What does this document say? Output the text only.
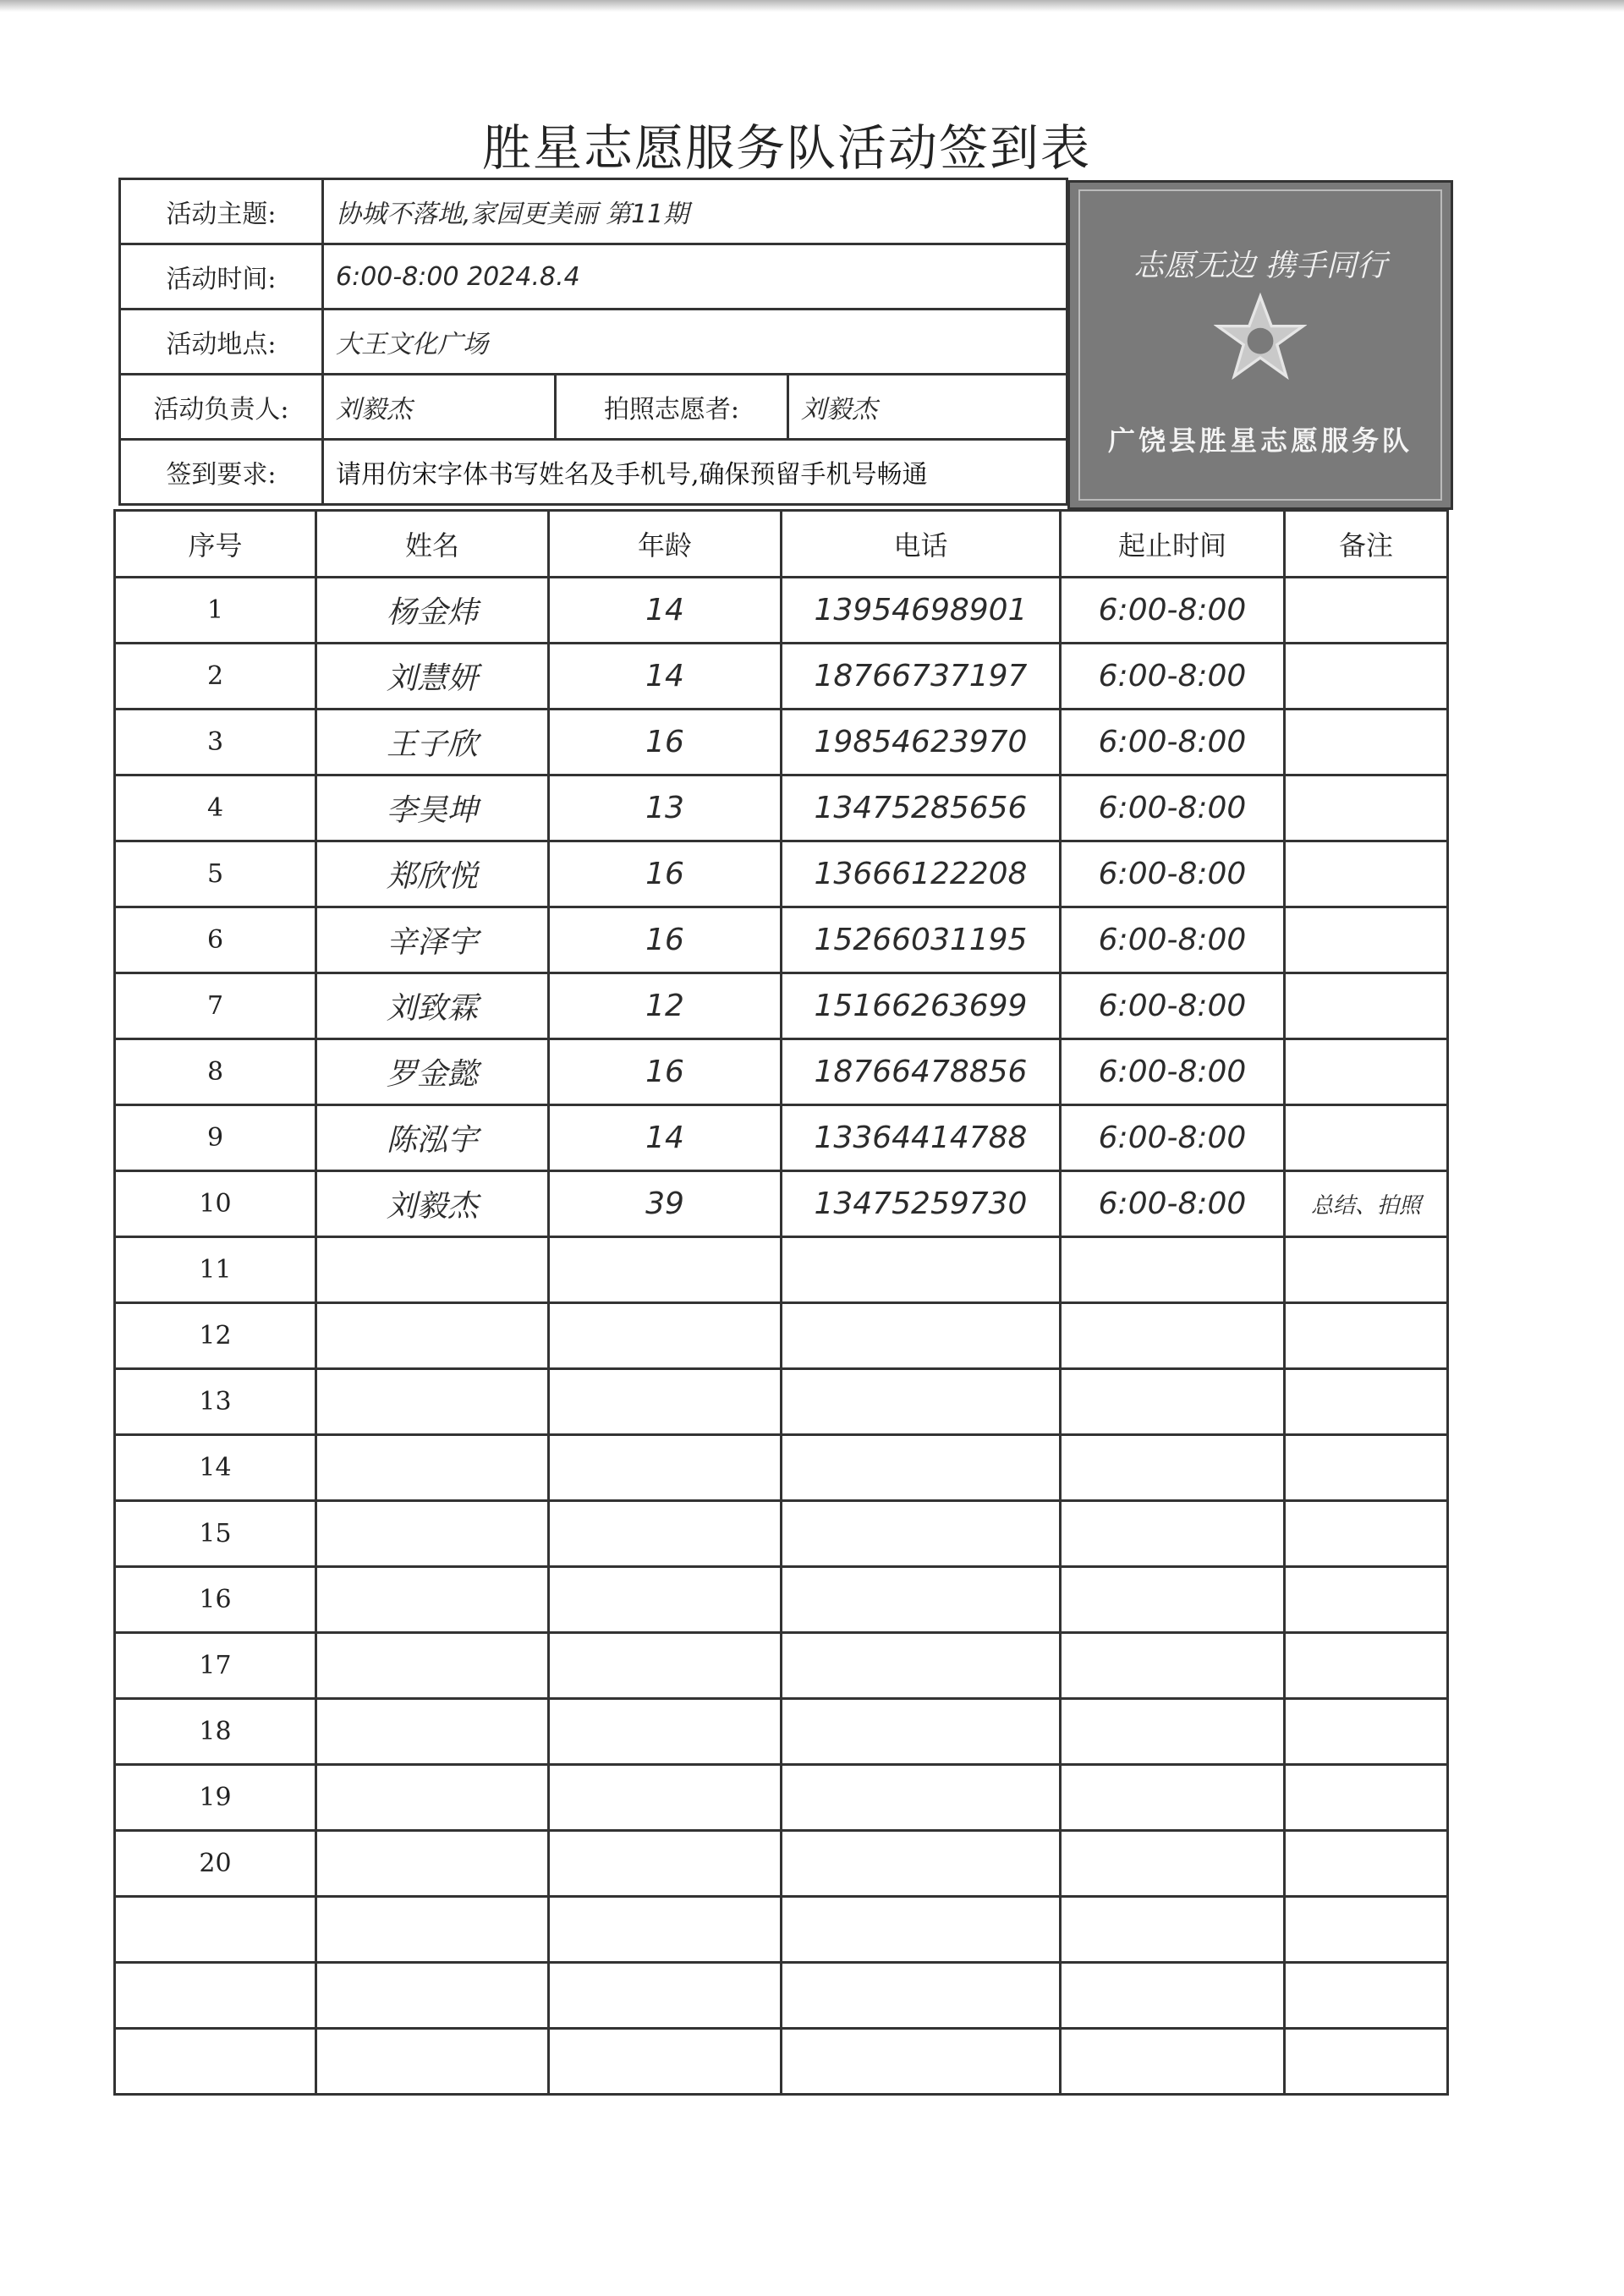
胜星志愿服务队活动签到表
活动主题:	协城不落地,家园更美丽 第11期		
活动时间:	6:00-8:00 2024.8.4		
活动地点:	大王文化广场		
活动负责人:	刘毅杰	拍照志愿者:	刘毅杰
签到要求:	请用仿宋字体书写姓名及手机号,确保预留手机号畅通		
志愿无边 携手同行
广饶县胜星志愿服务队
序号	姓名	年龄	电话	起止时间	备注
1	杨金炜	14	13954698901	6:00-8:00	
2	刘慧妍	14	18766737197	6:00-8:00	
3	王子欣	16	19854623970	6:00-8:00	
4	李昊坤	13	13475285656	6:00-8:00	
5	郑欣悦	16	13666122208	6:00-8:00	
6	辛泽宇	16	15266031195	6:00-8:00	
7	刘致霖	12	15166263699	6:00-8:00	
8	罗金懿	16	18766478856	6:00-8:00	
9	陈泓宇	14	13364414788	6:00-8:00	
10	刘毅杰	39	13475259730	6:00-8:00	总结、拍照
11					
12					
13					
14					
15					
16					
17					
18					
19					
20					
